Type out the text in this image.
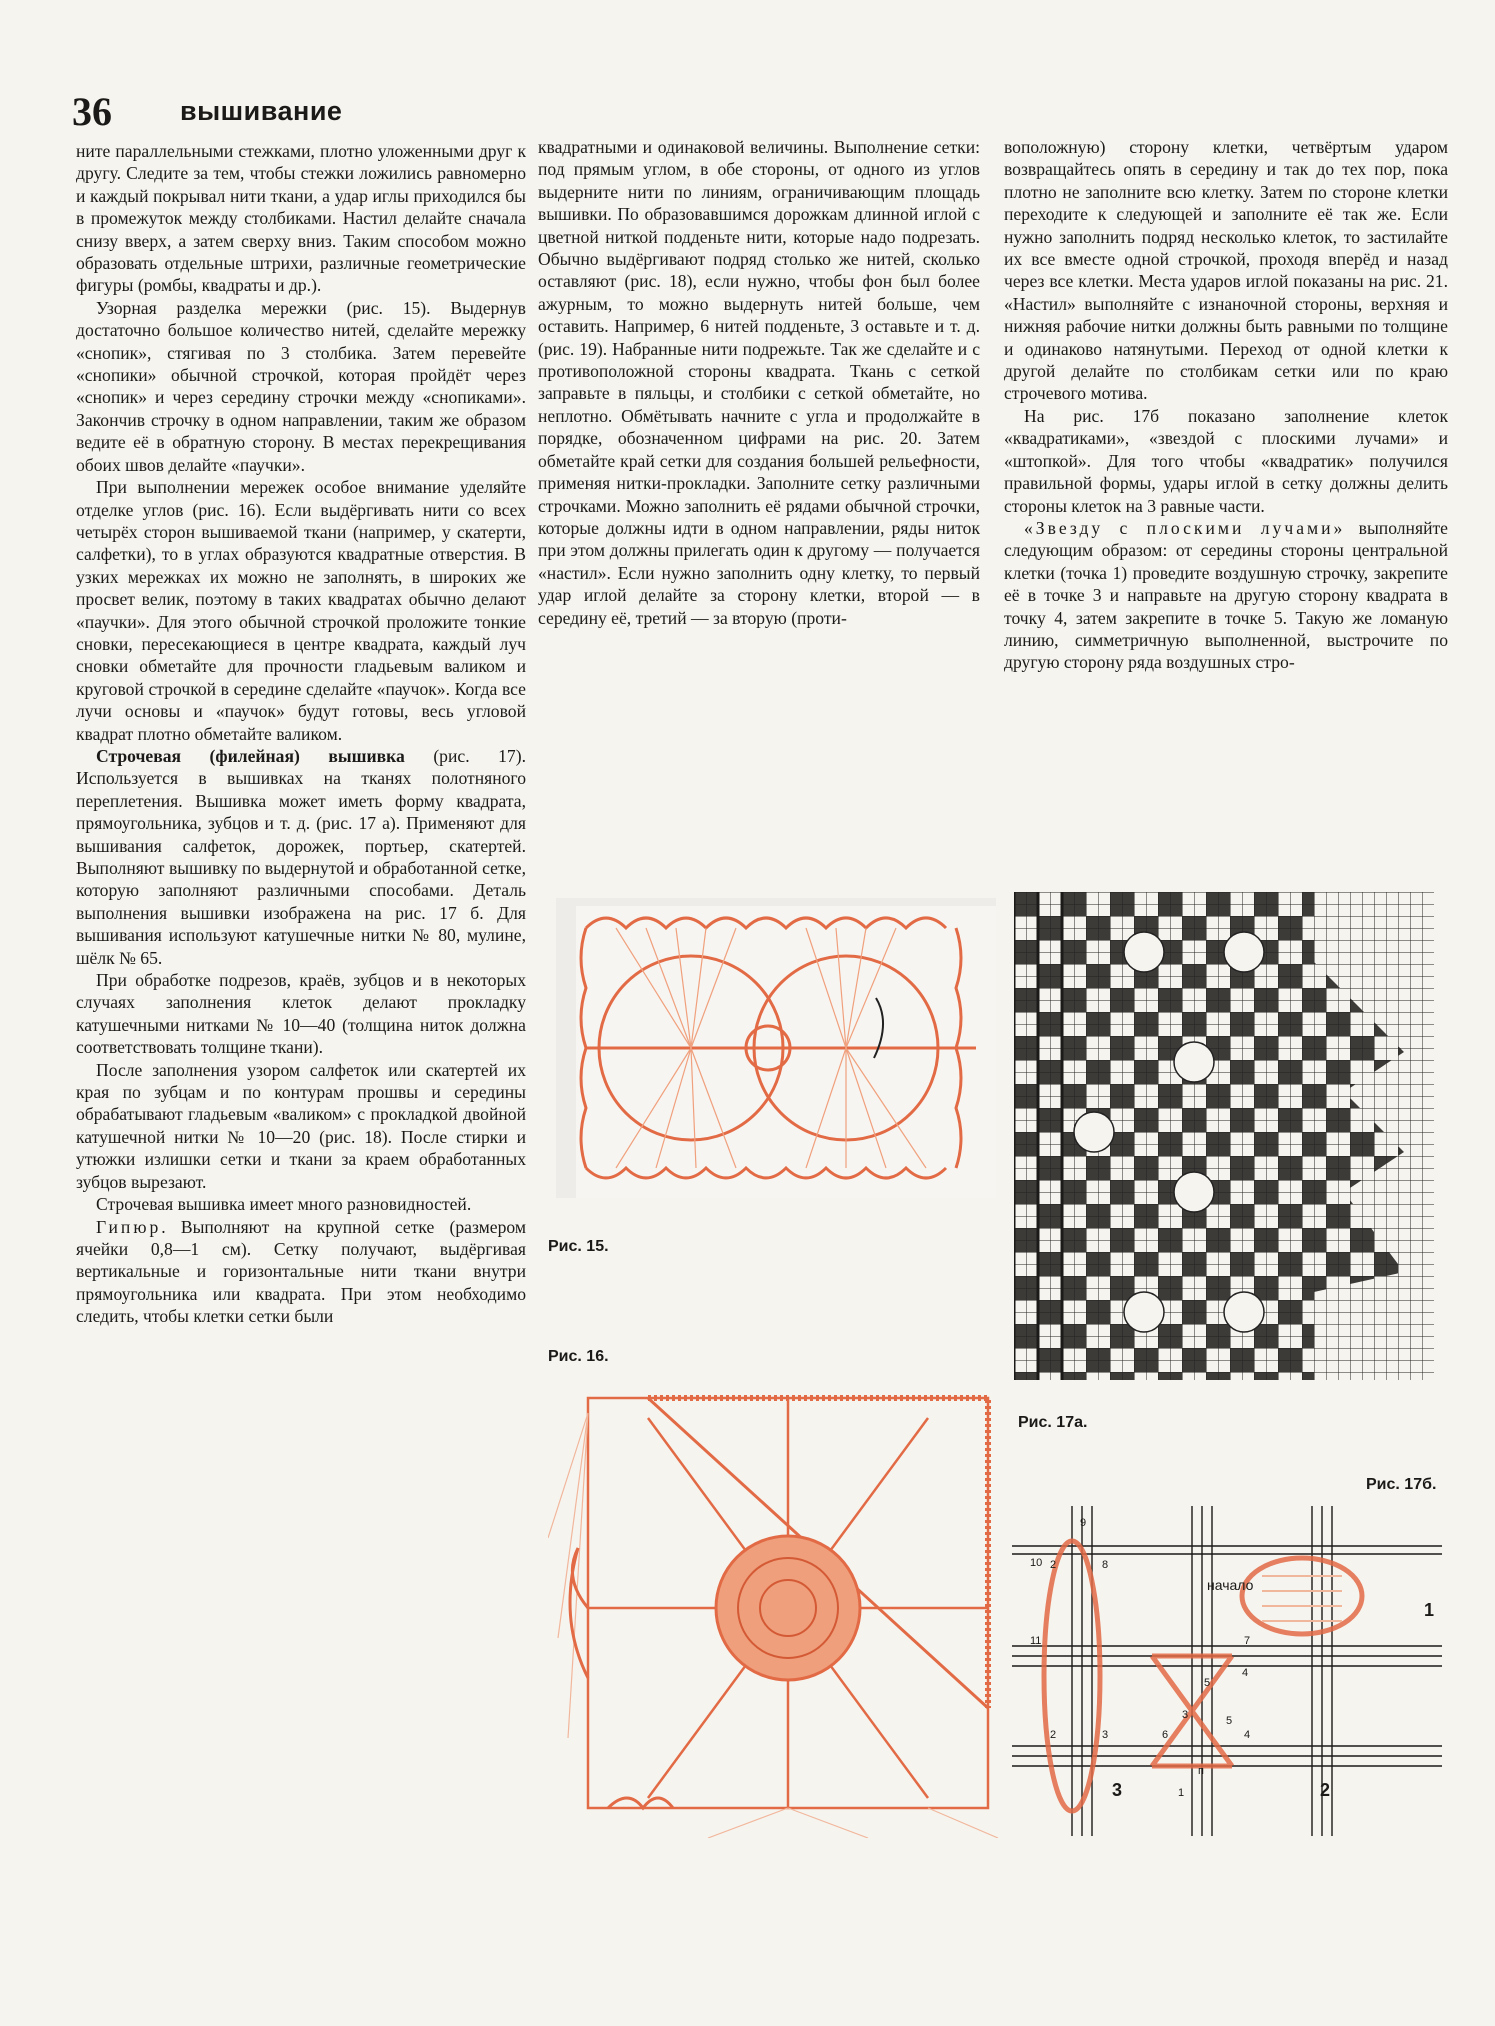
36	вышивание

ните параллельными стежками, плотно уложенными друг к другу. Следите за тем, чтобы стежки ложились равномерно и каждый покрывал нити ткани, а удар иглы приходился бы в промежуток между столбиками. Настил делайте сначала снизу вверх, а затем сверху вниз. Таким способом можно образовать отдельные штрихи, различные геометрические фигуры (ромбы, квадраты и др.).

Узорная разделка мережки (рис. 15). Выдернув достаточно большое количество нитей, сделайте мережку «снопик», стягивая по 3 столбика. Затем перевейте «снопики» обычной строчкой, которая пройдёт через «снопик» и через середину строчки между «снопиками». Закончив строчку в одном направлении, таким же образом ведите её в обратную сторону. В местах перекрещивания обоих швов делайте «паучки».

При выполнении мережек особое внимание уделяйте отделке углов (рис. 16). Если выдёргивать нити со всех четырёх сторон вышиваемой ткани (например, у скатерти, салфетки), то в углах образуются квадратные отверстия. В узких мережках их можно не заполнять, в широких же просвет велик, поэтому в таких квадратах обычно делают «паучки». Для этого обычной строчкой проложите тонкие сновки, пересекающиеся в центре квадрата, каждый луч сновки обметайте для прочности гладьевым валиком и круговой строчкой в середине сделайте «паучок». Когда все лучи основы и «паучок» будут готовы, весь угловой квадрат плотно обметайте валиком.

Строчевая (филейная) вышивка (рис. 17). Используется в вышивках на тканях полотняного переплетения. Вышивка может иметь форму квадрата, прямоугольника, зубцов и т. д. (рис. 17 а). Применяют для вышивания салфеток, дорожек, портьер, скатертей. Выполняют вышивку по выдернутой и обработанной сетке, которую заполняют различными способами. Деталь выполнения вышивки изображена на рис. 17 б. Для вышивания используют катушечные нитки № 80, мулине, шёлк № 65.

При обработке подрезов, краёв, зубцов и в некоторых случаях заполнения клеток делают прокладку катушечными нитками № 10—40 (толщина ниток должна соответствовать толщине ткани).

После заполнения узором салфеток или скатертей их края по зубцам и по контурам прошвы и середины обрабатывают гладьевым «валиком» с прокладкой двойной катушечной нитки № 10—20 (рис. 18). После стирки и утюжки излишки сетки и ткани за краем обработанных зубцов вырезают.

Строчевая вышивка имеет много разновидностей.

Гипюр. Выполняют на крупной сетке (размером ячейки 0,8—1 см). Сетку получают, выдёргивая вертикальные и горизонтальные нити ткани внутри прямоугольника или квадрата. При этом необходимо следить, чтобы клетки сетки были

квадратными и одинаковой величины. Выполнение сетки: под прямым углом, в обе стороны, от одного из углов выдерните нити по линиям, ограничивающим площадь вышивки. По образовавшимся дорожкам длинной иглой с цветной ниткой подденьте нити, которые надо подрезать. Обычно выдёргивают подряд столько же нитей, сколько оставляют (рис. 18), если нужно, чтобы фон был более ажурным, то можно выдернуть нитей больше, чем оставить. Например, 6 нитей подденьте, 3 оставьте и т. д. (рис. 19). Набранные нити подрежьте. Так же сделайте и с противоположной стороны квадрата. Ткань с сеткой заправьте в пяльцы, и столбики с сеткой обметайте, но неплотно. Обмётывать начните с угла и продолжайте в порядке, обозначенном цифрами на рис. 20. Затем обметайте край сетки для создания большей рельефности, применяя нитки-прокладки. Заполните сетку различными строчками. Можно заполнить её рядами обычной строчки, которые должны идти в одном направлении, ряды ниток при этом должны прилегать один к другому — получается «настил». Если нужно заполнить одну клетку, то первый удар иглой делайте за сторону клетки, второй — в середину её, третий — за вторую (проти-

воположную) сторону клетки, четвёртым ударом возвращайтесь опять в середину и так до тех пор, пока плотно не заполните всю клетку. Затем по стороне клетки переходите к следующей и заполните её так же. Если нужно заполнить подряд несколько клеток, то застилайте их все вместе одной строчкой, проходя вперёд и назад через все клетки. Места ударов иглой показаны на рис. 21. «Настил» выполняйте с изнаночной стороны, верхняя и нижняя рабочие нитки должны быть равными по толщине и одинаково натянутыми. Переход от одной клетки к другой делайте по столбикам сетки или по краю строчевого мотива.

На рис. 17б показано заполнение клеток «квадратиками», «звездой с плоскими лучами» и «штопкой». Для того чтобы «квадратик» получился правильной формы, удары иглой в сетку должны делить стороны клеток на 3 равные части.

«Звезду с плоскими лучами» выполняйте следующим образом: от середины стороны центральной клетки (точка 1) проведите воздушную строчку, закрепите её в точке 3 и направьте на другую сторону квадрата в точку 4, затем закрепите в точке 5. Такую же ломаную линию, симметричную выполненной, выстрочите по другую сторону ряда воздушных стро-

Рис. 15.
Рис. 16.
Рис. 17а.
Рис. 17б.
начало
1
2
3
9
10 2	8
11	7
4
5
3
6
5
4
2	3
п
1
